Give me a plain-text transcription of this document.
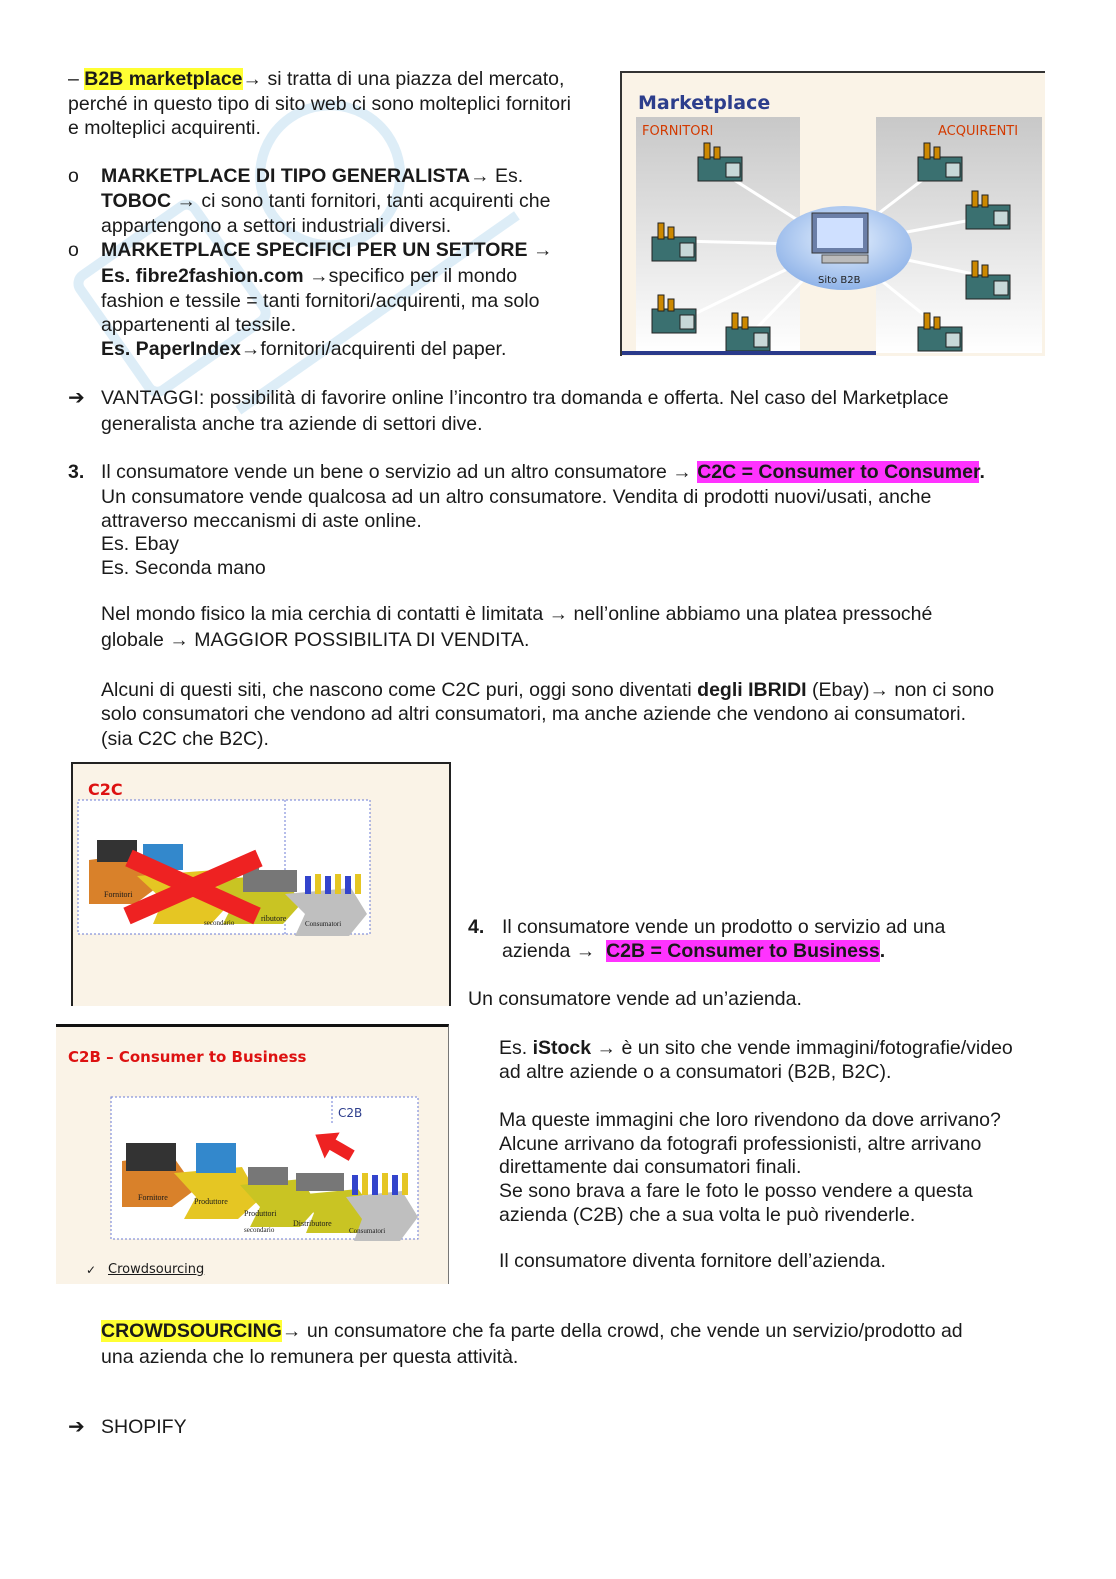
– B2B marketplace→ si tratta di una piazza del mercato,
perché in questo tipo di sito web ci sono molteplici fornitori
e molteplici acquirenti.
o MARKETPLACE DI TIPO GENERALISTA→ Es.
TOBOC → ci sono tanti fornitori, tanti acquirenti che
appartengono a settori industriali diversi.
o MARKETPLACE SPECIFICI PER UN SETTORE →
Es. fibre2fashion.com →specifico per il mondo
fashion e tessile = tanti fornitori/acquirenti, ma solo
appartenenti al tessile.
Es. PaperIndex→fornitori/acquirenti del paper.
Marketplace
FORNITORI	ACQUIRENTI
Sito B2B
➔ VANTAGGI: possibilità di favorire online l’incontro tra domanda e offerta. Nel caso del Marketplace
generalista anche tra aziende di settori dive.
3. Il consumatore vende un bene o servizio ad un altro consumatore → C2C = Consumer to Consumer.
Un consumatore vende qualcosa ad un altro consumatore. Vendita di prodotti nuovi/usati, anche
attraverso meccanismi di aste online.
Es. Ebay
Es. Seconda mano
Nel mondo fisico la mia cerchia di contatti è limitata → nell’online abbiamo una platea pressoché
globale → MAGGIOR POSSIBILITA DI VENDITA.
Alcuni di questi siti, che nascono come C2C puri, oggi sono diventati degli IBRIDI (Ebay)→ non ci sono
solo consumatori che vendono ad altri consumatori, ma anche aziende che vendono ai consumatori.
(sia C2C che B2C).
C2C
Fornitori
secondario	ributore
Consumatori	4. Il consumatore vende un prodotto o servizio ad una
azienda → C2B = Consumer to Business.
Un consumatore vende ad un’azienda.
Es. iStock → è un sito che vende immagini/fotografie/video
ad altre aziende o a consumatori (B2B, B2C).
Ma queste immagini che loro rivendono da dove arrivano?
Alcune arrivano da fotografi professionisti, altre arrivano
direttamente dai consumatori finali.
Se sono brava a fare le foto le posso vendere a questa
azienda (C2B) che a sua volta le può rivenderle.
Il consumatore diventa fornitore dell’azienda.
C2B – Consumer to Business
C2B
Fornitore	Produttore
Produttori
secondario
Distributore
Consumatori
✓ Crowdsourcing
CROWDSOURCING→ un consumatore che fa parte della crowd, che vende un servizio/prodotto ad
una azienda che lo remunera per questa attività.
➔ SHOPIFY
